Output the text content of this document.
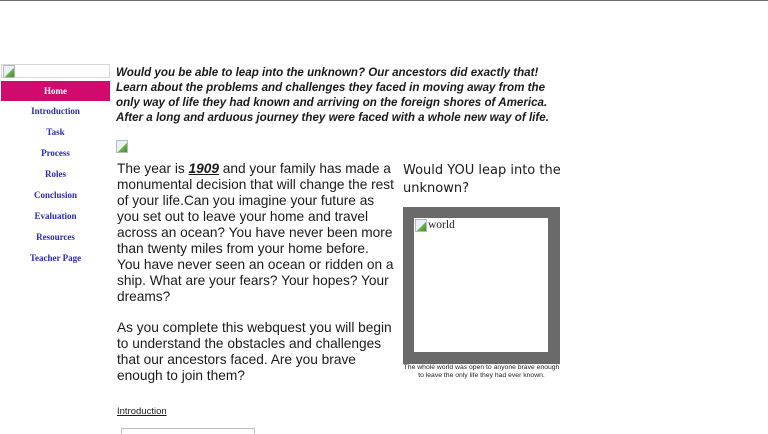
Home
Introduction
Task
Process
Roles
Conclusion
Evaluation
Resources
Teacher Page
Would you be able to leap into the unknown? Our ancestors did exactly that! Learn about the problems and challenges they faced in moving away from the only way of life they had known and arriving on the foreign shores of America. After a long and arduous journey they were faced with a whole new way of life.

The year is 1909 and your family has made a monumental decision that will change the rest of your life.Can you imagine your future as you set out to leave your home and travel across an ocean? You have never been more than twenty miles from your home before. You have never seen an ocean or ridden on a ship. What are your fears? Your hopes? Your dreams?

As you complete this webquest you will begin to understand the obstacles and challenges that our ancestors faced. Are you brave enough to join them?

Would YOU leap into the unknown?
world
The whole world was open to anyone brave enough to leave the only life they had ever known.
Introduction
